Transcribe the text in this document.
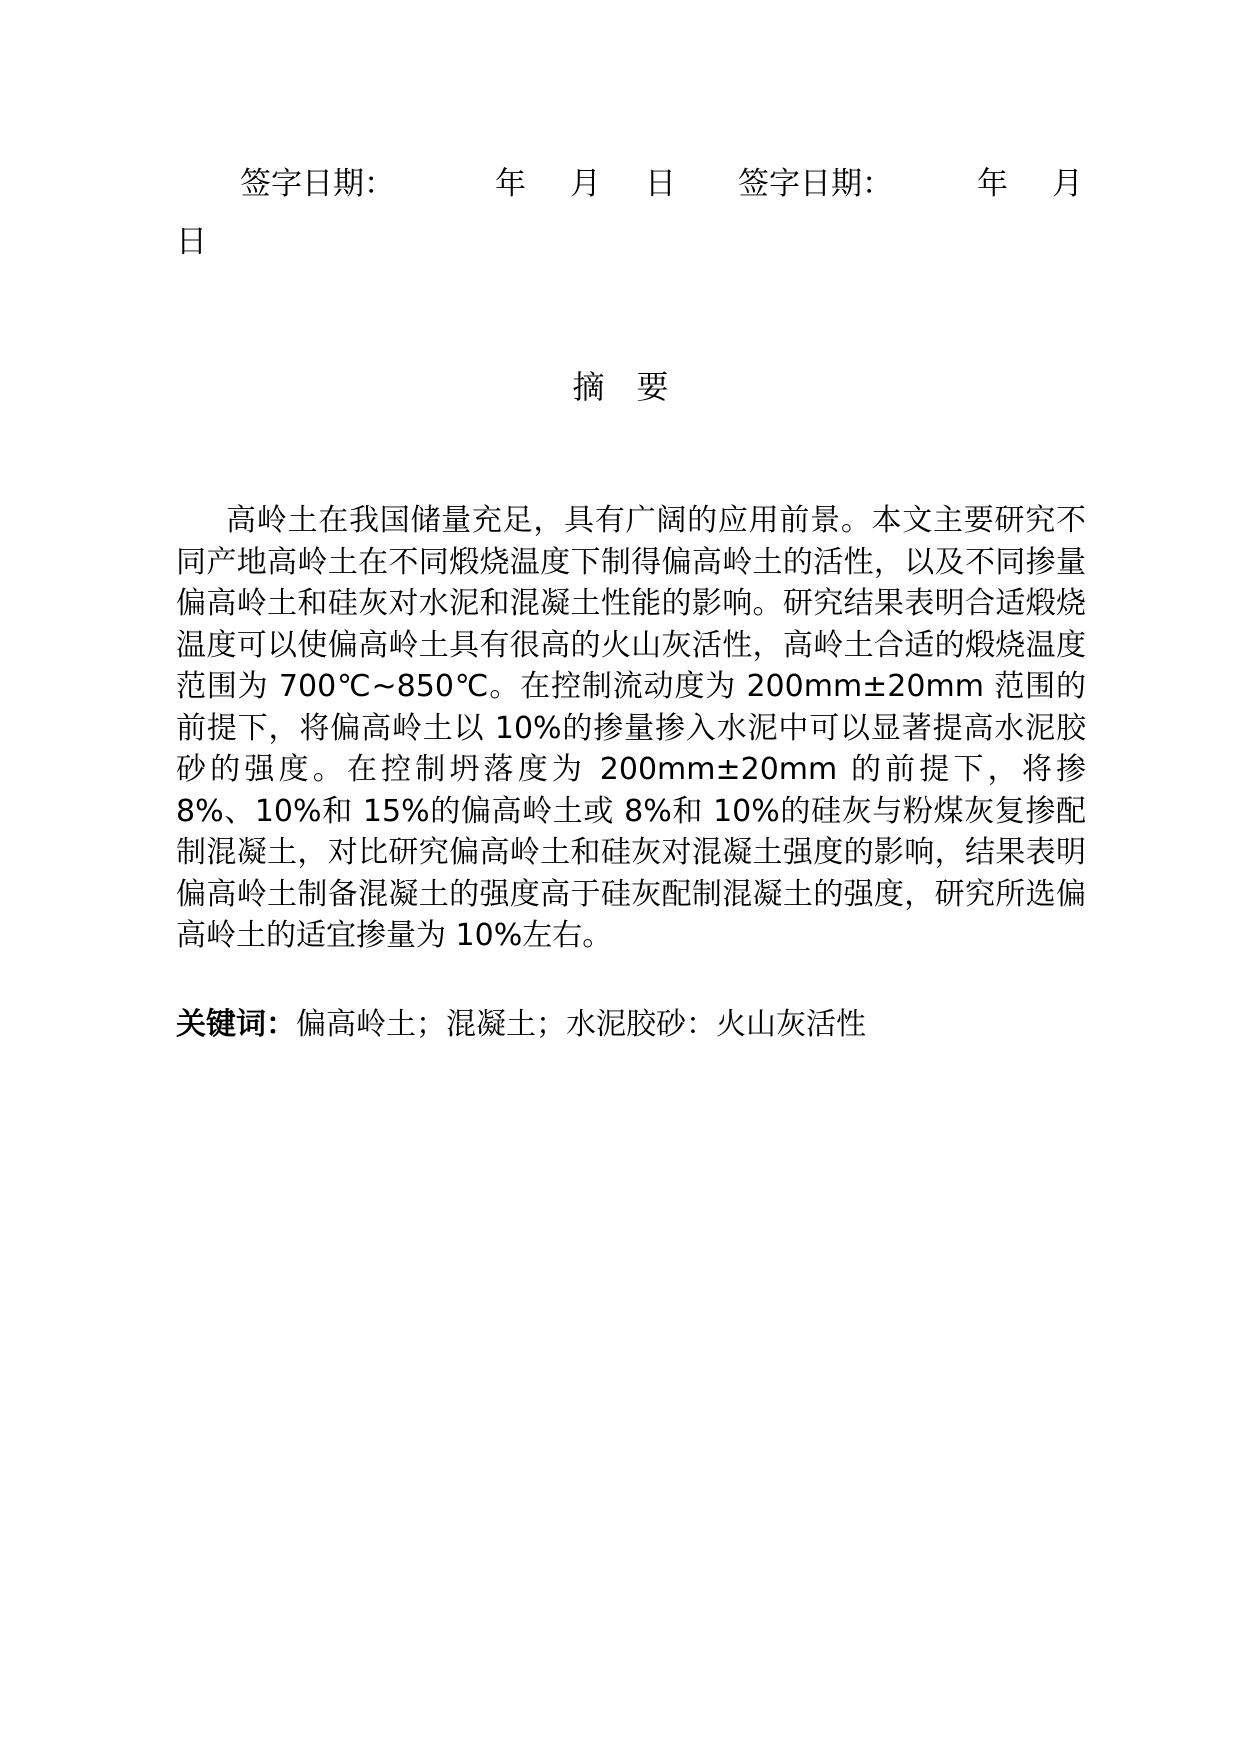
签字日期：	年 月 日 签字日期：	年 月
日
摘 要

高岭土在我国储量充足，具有广阔的应用前景。本文主要研究不同产地高岭土在不同煅烧温度下制得偏高岭土的活性，以及不同掺量偏高岭土和硅灰对水泥和混凝土性能的影响。研究结果表明合适煅烧温度可以使偏高岭土具有很高的火山灰活性，高岭土合适的煅烧温度范围为 700℃~850℃。在控制流动度为 200mm±20mm 范围的前提下，将偏高岭土以 10%的掺量掺入水泥中可以显著提高水泥胶砂的强度。在控制坍落度为 200mm±20mm 的前提下，将掺 8%、10%和 15%的偏高岭土或 8%和 10%的硅灰与粉煤灰复掺配制混凝土，对比研究偏高岭土和硅灰对混凝土强度的影响，结果表明偏高岭土制备混凝土的强度高于硅灰配制混凝土的强度，研究所选偏高岭土的适宜掺量为 10%左右。

关键词：偏高岭土；混凝土；水泥胶砂：火山灰活性
